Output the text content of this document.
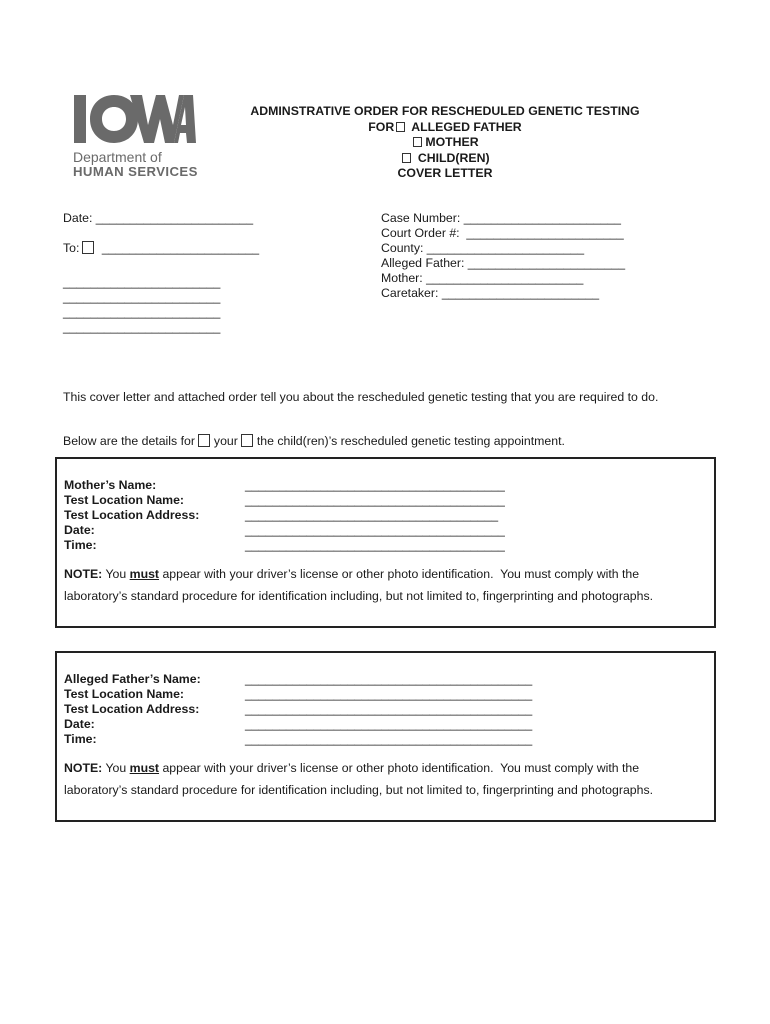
Department of
HUMAN SERVICES
ADMINSTRATIVE ORDER FOR RESCHEDULED GENETIC TESTING
FOR ALLEGED FATHER
MOTHER
CHILD(REN)
COVER LETTER
Date: _______________________
To: _______________________
_______________________
_______________________
_______________________
_______________________
Case Number: _______________________
Court Order #:  _______________________
County: _______________________
Alleged Father: _______________________
Mother: _______________________
Caretaker: _______________________
This cover letter and attached order tell you about the rescheduled genetic testing that you are required to do.
Below are the details for your the child(ren)’s rescheduled genetic testing appointment.
Mother’s Name:
Test Location Name:
Test Location Address:
Date:
Time:
______________________________________
______________________________________
_____________________________________
______________________________________
______________________________________
NOTE: You must appear with your driver’s license or other photo identification.  You must comply with the
laboratory’s standard procedure for identification including, but not limited to, fingerprinting and photographs.
Alleged Father’s Name:
Test Location Name:
Test Location Address:
Date:
Time:
__________________________________________
__________________________________________
__________________________________________
__________________________________________
__________________________________________
NOTE: You must appear with your driver’s license or other photo identification.  You must comply with the
laboratory’s standard procedure for identification including, but not limited to, fingerprinting and photographs.
